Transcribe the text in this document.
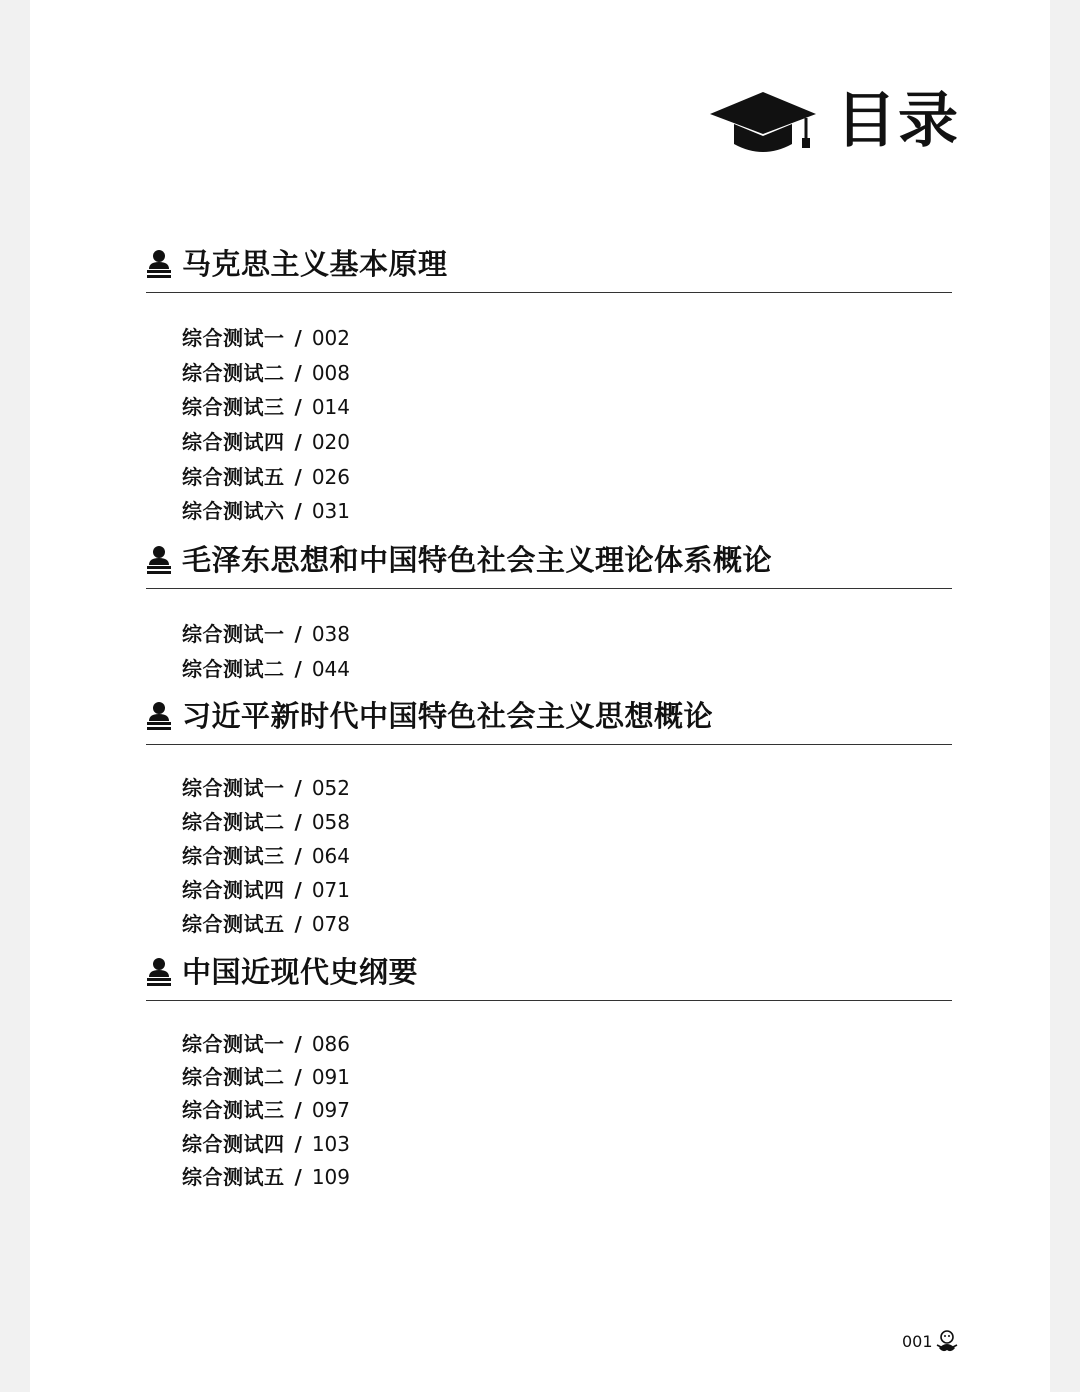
目录
马克思主义基本原理
综合测试一 / 002
综合测试二 / 008
综合测试三 / 014
综合测试四 / 020
综合测试五 / 026
综合测试六 / 031
毛泽东思想和中国特色社会主义理论体系概论
综合测试一 / 038
综合测试二 / 044
习近平新时代中国特色社会主义思想概论
综合测试一 / 052
综合测试二 / 058
综合测试三 / 064
综合测试四 / 071
综合测试五 / 078
中国近现代史纲要
综合测试一 / 086
综合测试二 / 091
综合测试三 / 097
综合测试四 / 103
综合测试五 / 109
001
